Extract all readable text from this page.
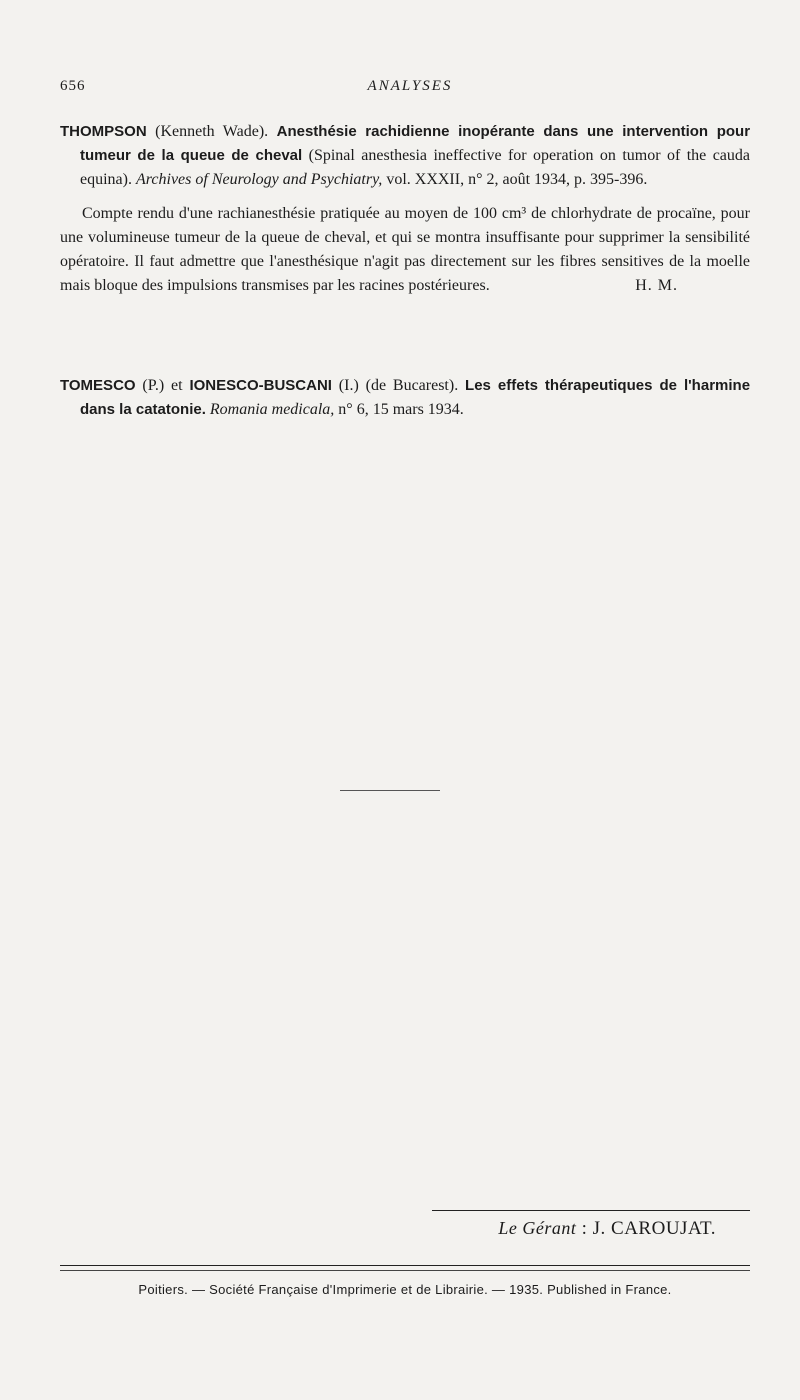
656	ANALYSES

THOMPSON (Kenneth Wade). Anesthésie rachidienne inopérante dans une intervention pour tumeur de la queue de cheval (Spinal anesthesia ineffective for operation on tumor of the cauda equina). Archives of Neurology and Psychiatry, vol. XXXII, n° 2, août 1934, p. 395-396.

Compte rendu d'une rachianesthésie pratiquée au moyen de 100 cm³ de chlorhydrate de procaïne, pour une volumineuse tumeur de la queue de cheval, et qui se montra insuffisante pour supprimer la sensibilité opératoire. Il faut admettre que l'anesthésique n'agit pas directement sur les fibres sensitives de la moelle mais bloque des impulsions transmises par les racines postérieures.	H. M.

TOMESCO (P.) et IONESCO-BUSCANI (I.) (de Bucarest). Les effets thérapeutiques de l'harmine dans la catatonie. Romania medicala, n° 6, 15 mars 1934.

Le Gérant : J. CAROUJAT.
Poitiers. — Société Française d'Imprimerie et de Librairie. — 1935. Published in France.
